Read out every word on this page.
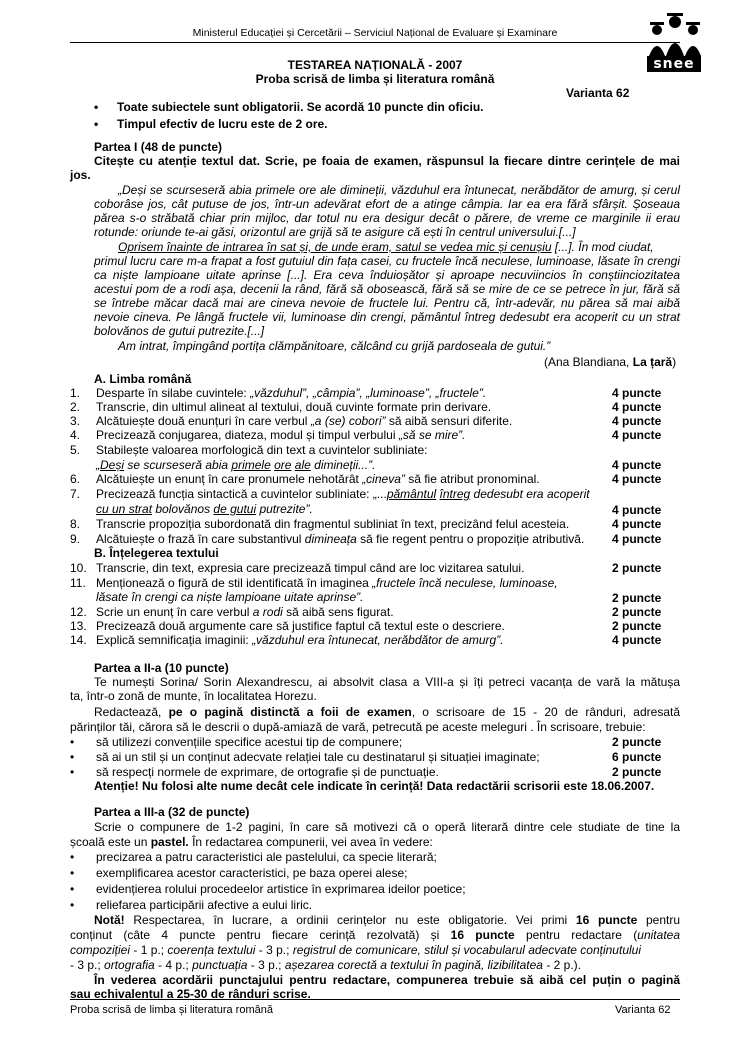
Ministerul Educației și Cercetării – Serviciul Național de Evaluare și Examinare
snee
TESTAREA NAȚIONALĂ - 2007
Proba scrisă de limba și literatura română
Varianta 62
• Toate subiectele sunt obligatorii. Se acordă 10 puncte din oficiu.
• Timpul efectiv de lucru este de 2 ore.
Partea I (48 de puncte)
Citește cu atenție textul dat. Scrie, pe foaia de examen, răspunsul la fiecare dintre cerințele de mai
jos.
„Deși se scurseseră abia primele ore ale dimineții, văzduhul era întunecat, nerăbdător de amurg, și cerul
coborâse jos, cât putuse de jos, într-un adevărat efort de a atinge câmpia. Iar ea era fără sfârșit. Șoseaua
părea s-o străbată chiar prin mijloc, dar totul nu era desigur decât o părere, de vreme ce marginile ii erau
rotunde: oriunde te-ai găsi, orizontul are grijă să te asigure că ești în centrul universului.[...]
Oprisem înainte de intrarea în sat și, de unde eram, satul se vedea mic și cenușiu [...]. În mod ciudat,
primul lucru care m-a frapat a fost gutuiul din fața casei, cu fructele încă neculese, luminoase, lăsate în crengi
ca niște lampioane uitate aprinse [...]. Era ceva înduioșător și aproape necuviincios în conștiinciozitatea
acestui pom de a rodi așa, decenii la rând, fără să obosească, fără să se mire de ce se petrece în jur, fără să
se întrebe măcar dacă mai are cineva nevoie de fructele lui. Pentru că, într-adevăr, nu părea să mai aibă
nevoie cineva. Pe lângă fructele vii, luminoase din crengi, pământul întreg dedesubt era acoperit cu un strat
bolovănos de gutui putrezite.[...]
Am intrat, împingând portița clămpănitoare, călcând cu grijă pardoseala de gutui.”
(Ana Blandiana, La țară)
A. Limba română
1.	Desparte în silabe cuvintele: „văzduhul”, „câmpia”, „luminoase”, „fructele”.	4 puncte
2.	Transcrie, din ultimul alineat al textului, două cuvinte formate prin derivare.	4 puncte
3.	Alcătuiește două enunțuri în care verbul „a (se) cobori” să aibă sensuri diferite.	4 puncte
4.	Precizează conjugarea, diateza, modul și timpul verbului „să se mire”.	4 puncte
5.	Stabilește valoarea morfologică din text a cuvintelor subliniate:
„Deși se scurseseră abia primele ore ale dimineții...”.	4 puncte
6.	Alcătuiește un enunț în care pronumele nehotărât „cineva” să fie atribut pronominal.	4 puncte
7.	Precizează funcția sintactică a cuvintelor subliniate: „...pământul întreg dedesubt era acoperit
cu un strat bolovănos de gutui putrezite”.	4 puncte
8.	Transcrie propoziția subordonată din fragmentul subliniat în text, precizând felul acesteia.	4 puncte
9.	Alcătuiește o frază în care substantivul dimineața să fie regent pentru o propoziție atributivă. 4 puncte
B. Înțelegerea textului
10. Transcrie, din text, expresia care precizează timpul când are loc vizitarea satului.	2 puncte
11. Menționează o figură de stil identificată în imaginea „fructele încă neculese, luminoase,
lăsate în crengi ca niște lampioane uitate aprinse”.	2 puncte
12. Scrie un enunț în care verbul a rodi să aibă sens figurat.	2 puncte
13. Precizează două argumente care să justifice faptul că textul este o descriere.	2 puncte
14. Explică semnificația imaginii: „văzduhul era întunecat, nerăbdător de amurg”.	4 puncte
Partea a II-a (10 puncte)
Te numești Sorina/ Sorin Alexandrescu, ai absolvit clasa a VIII-a și îți petreci vacanța de vară la mătușa
ta, într-o zonă de munte, în localitatea Horezu.
Redactează, pe o pagină distinctă a foii de examen, o scrisoare de 15 - 20 de rânduri, adresată
părinților tăi, cărora să le descrii o după-amiază de vară, petrecută pe aceste meleguri . În scrisoare, trebuie:
• să utilizezi convențiile specifice acestui tip de compunere;	2 puncte
• să ai un stil și un conținut adecvate relației tale cu destinatarul și situației imaginate;	6 puncte
• să respecți normele de exprimare, de ortografie și de punctuație.	2 puncte
Atenție! Nu folosi alte nume decât cele indicate în cerință! Data redactării scrisorii este 18.06.2007.
Partea a III-a (32 de puncte)
Scrie o compunere de 1-2 pagini, în care să motivezi că o operă literară dintre cele studiate de tine la
școală este un pastel. În redactarea compunerii, vei avea în vedere:
• precizarea a patru caracteristici ale pastelului, ca specie literară;
• exemplificarea acestor caracteristici, pe baza operei alese;
• evidențierea rolului procedeelor artistice în exprimarea ideilor poetice;
• reliefarea participării afective a eului liric.
Notă! Respectarea, în lucrare, a ordinii cerințelor nu este obligatorie. Vei primi 16 puncte pentru
conținut (câte 4 puncte pentru fiecare cerință rezolvată) și 16 puncte pentru redactare (unitatea
compoziției - 1 p.; coerența textului - 3 p.; registrul de comunicare, stilul și vocabularul adecvate conținutului
- 3 p.; ortografia - 4 p.; punctuația - 3 p.; așezarea corectă a textului în pagină, lizibilitatea - 2 p.).
În vederea acordării punctajului pentru redactare, compunerea trebuie să aibă cel puțin o pagină
sau echivalentul a 25-30 de rânduri scrise.
Proba scrisă de limba și literatura română	Varianta 62
